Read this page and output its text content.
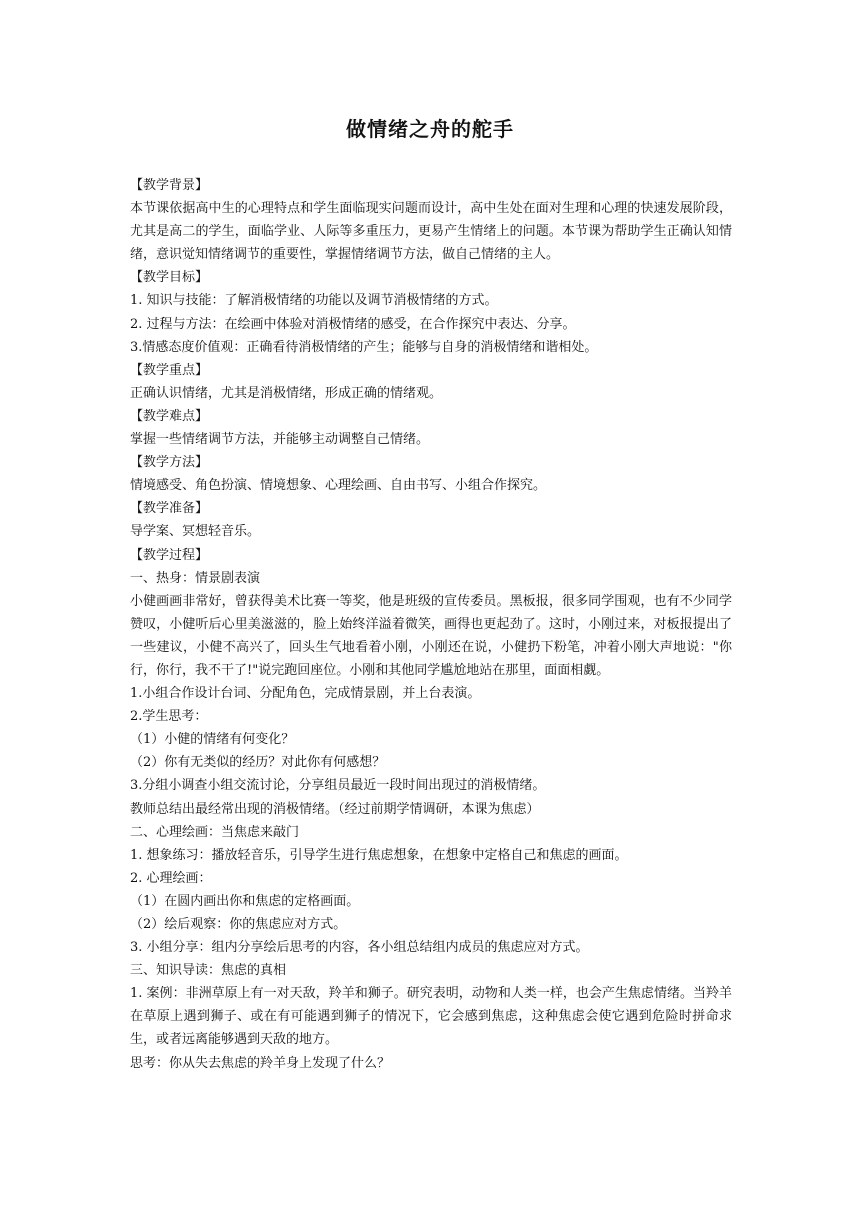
做情绪之舟的舵手

【教学背景】

本节课依据高中生的心理特点和学生面临现实问题而设计，高中生处在面对生理和心理的快速发展阶段，尤其是高二的学生，面临学业、人际等多重压力，更易产生情绪上的问题。本节课为帮助学生正确认知情绪，意识觉知情绪调节的重要性，掌握情绪调节方法，做自己情绪的主人。

【教学目标】

1. 知识与技能：了解消极情绪的功能以及调节消极情绪的方式。

2. 过程与方法：在绘画中体验对消极情绪的感受，在合作探究中表达、分享。

3.情感态度价值观：正确看待消极情绪的产生；能够与自身的消极情绪和谐相处。

【教学重点】

正确认识情绪，尤其是消极情绪，形成正确的情绪观。

【教学难点】

掌握一些情绪调节方法，并能够主动调整自己情绪。

【教学方法】

情境感受、角色扮演、情境想象、心理绘画、自由书写、小组合作探究。

【教学准备】

导学案、冥想轻音乐。

【教学过程】

一、热身：情景剧表演

小健画画非常好，曾获得美术比赛一等奖，他是班级的宣传委员。黑板报，很多同学围观，也有不少同学赞叹，小健听后心里美滋滋的，脸上始终洋溢着微笑，画得也更起劲了。这时，小刚过来，对板报提出了一些建议，小健不高兴了，回头生气地看着小刚，小刚还在说，小健扔下粉笔，冲着小刚大声地说："你行，你行，我不干了!"说完跑回座位。小刚和其他同学尴尬地站在那里，面面相觑。

1.小组合作设计台词、分配角色，完成情景剧，并上台表演。

2.学生思考：

（1）小健的情绪有何变化？

（2）你有无类似的经历？对此你有何感想？

3.分组小调查小组交流讨论，分享组员最近一段时间出现过的消极情绪。

教师总结出最经常出现的消极情绪。（经过前期学情调研，本课为焦虑）

二、心理绘画：当焦虑来敲门

1. 想象练习：播放轻音乐，引导学生进行焦虑想象，在想象中定格自己和焦虑的画面。

2. 心理绘画：

（1）在圆内画出你和焦虑的定格画面。

（2）绘后观察：你的焦虑应对方式。

3. 小组分享：组内分享绘后思考的内容，各小组总结组内成员的焦虑应对方式。

三、知识导读：焦虑的真相

1. 案例：非洲草原上有一对天敌，羚羊和狮子。研究表明，动物和人类一样，也会产生焦虑情绪。当羚羊在草原上遇到狮子、或在有可能遇到狮子的情况下，它会感到焦虑，这种焦虑会使它遇到危险时拼命求生，或者远离能够遇到天敌的地方。

思考：你从失去焦虑的羚羊身上发现了什么？
